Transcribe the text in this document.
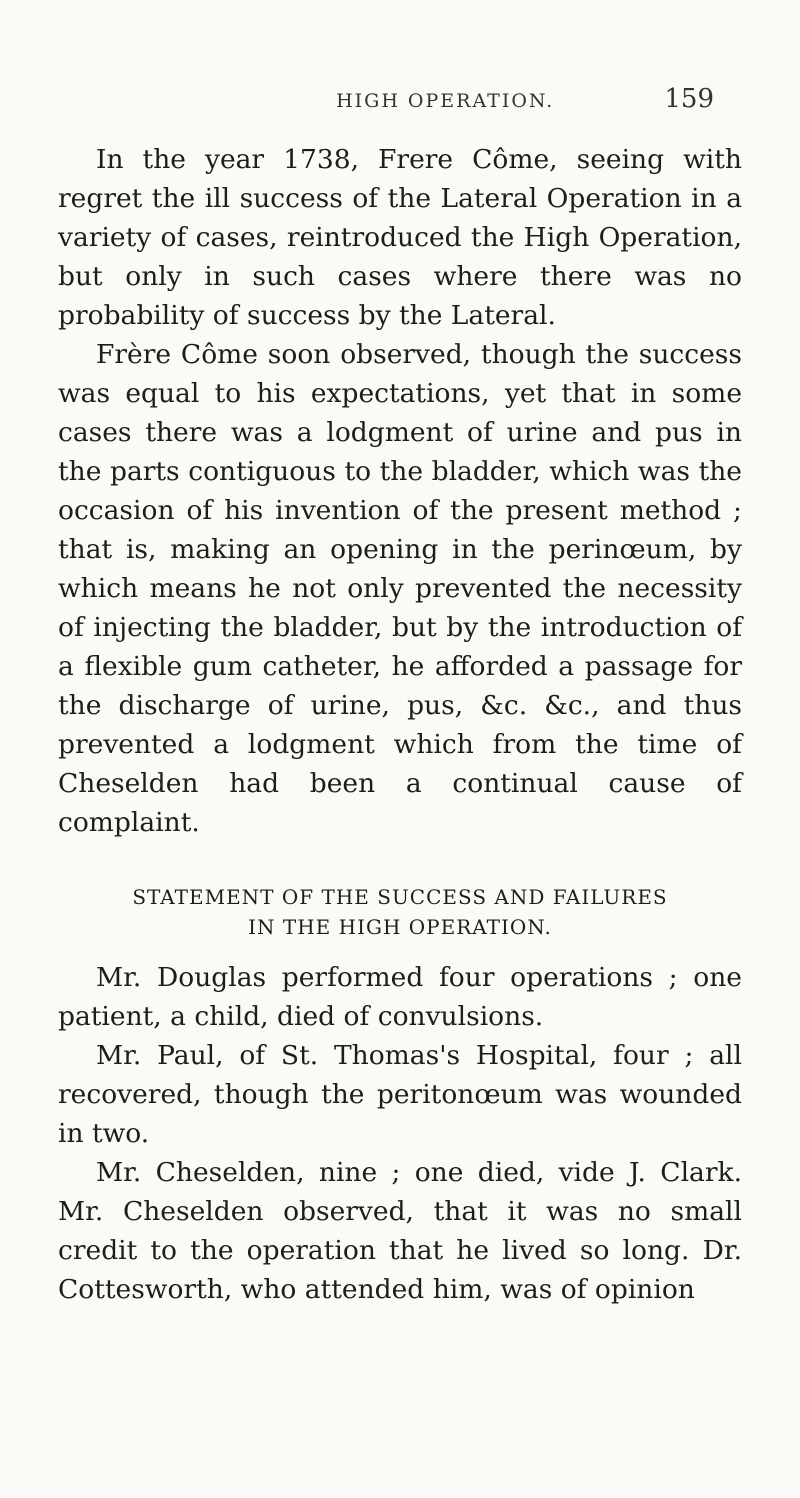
HIGH OPERATION.	159

In the year 1738, Frere Côme, seeing with regret the ill success of the Lateral Operation in a variety of cases, reintroduced the High Operation, but only in such cases where there was no probability of success by the Lateral.

Frère Côme soon observed, though the success was equal to his expectations, yet that in some cases there was a lodgment of urine and pus in the parts contiguous to the bladder, which was the occasion of his invention of the present method ; that is, making an opening in the perinœum, by which means he not only prevented the necessity of injecting the bladder, but by the introduction of a flexible gum catheter, he afforded a passage for the discharge of urine, pus, &c. &c., and thus prevented a lodgment which from the time of Cheselden had been a continual cause of complaint.

STATEMENT OF THE SUCCESS AND FAILURES
IN THE HIGH OPERATION.

Mr. Douglas performed four operations ; one patient, a child, died of convulsions.

Mr. Paul, of St. Thomas's Hospital, four ; all recovered, though the peritonœum was wounded in two.

Mr. Cheselden, nine ; one died, vide J. Clark. Mr. Cheselden observed, that it was no small credit to the operation that he lived so long. Dr. Cottesworth, who attended him, was of opinion
